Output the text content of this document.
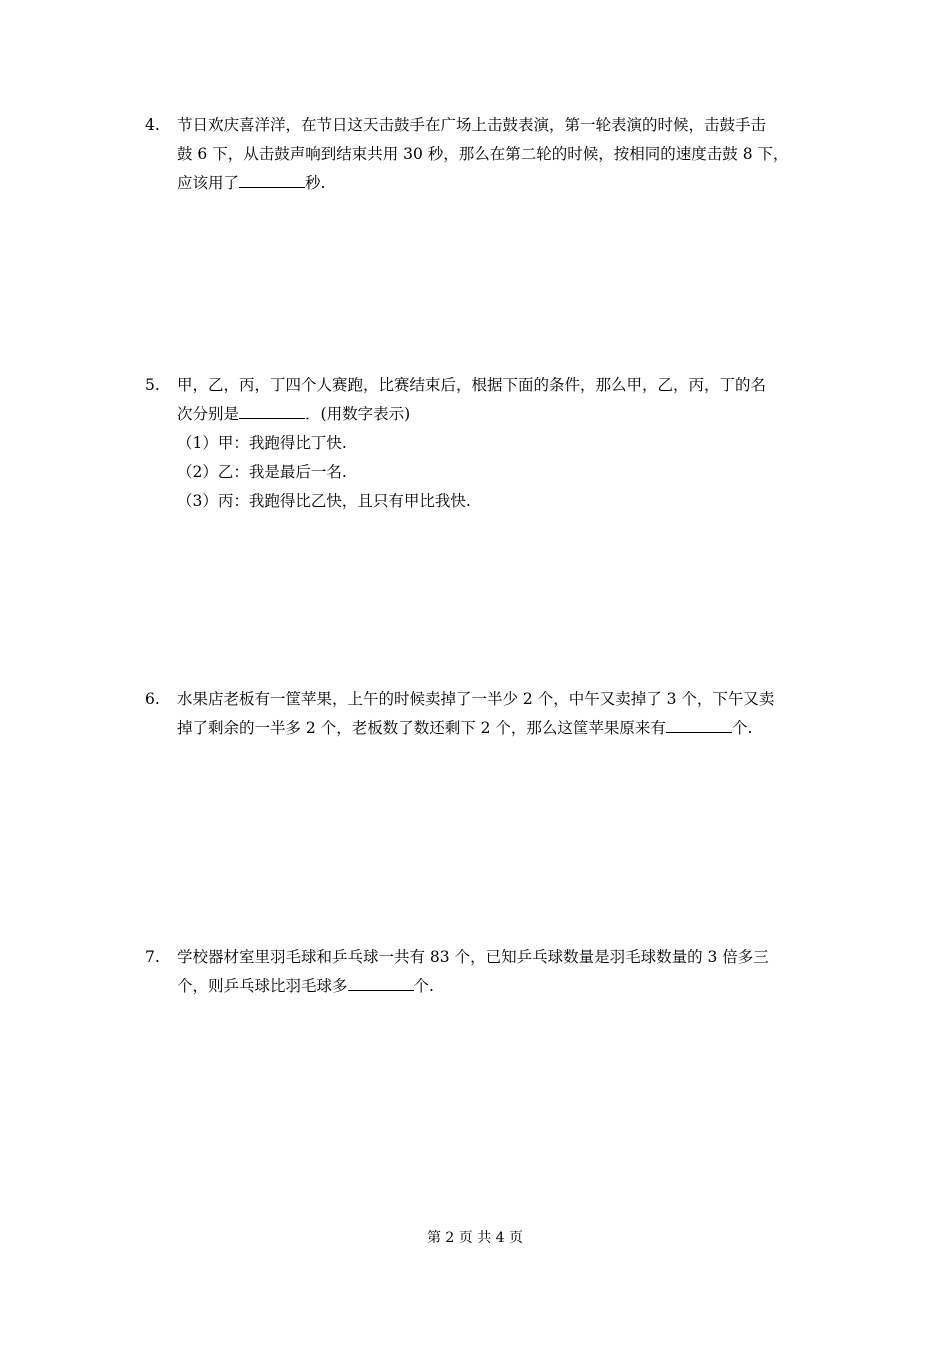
4. 节日欢庆喜洋洋，在节日这天击鼓手在广场上击鼓表演，第一轮表演的时候，击鼓手击
鼓 6 下，从击鼓声响到结束共用 30 秒，那么在第二轮的时候，按相同的速度击鼓 8 下，
应该用了	秒.
5. 甲，乙，丙，丁四个人赛跑，比赛结束后，根据下面的条件，那么甲，乙，丙，丁的名
次分别是	．(用数字表示)
（1）甲：我跑得比丁快.
（2）乙：我是最后一名.
（3）丙：我跑得比乙快，且只有甲比我快.
6. 水果店老板有一筐苹果，上午的时候卖掉了一半少 2 个，中午又卖掉了 3 个，下午又卖
掉了剩余的一半多 2 个，老板数了数还剩下 2 个，那么这筐苹果原来有	个.
7. 学校器材室里羽毛球和乒乓球一共有 83 个，已知乒乓球数量是羽毛球数量的 3 倍多三
个，则乒乓球比羽毛球多	个.
第 2 页 共 4 页
